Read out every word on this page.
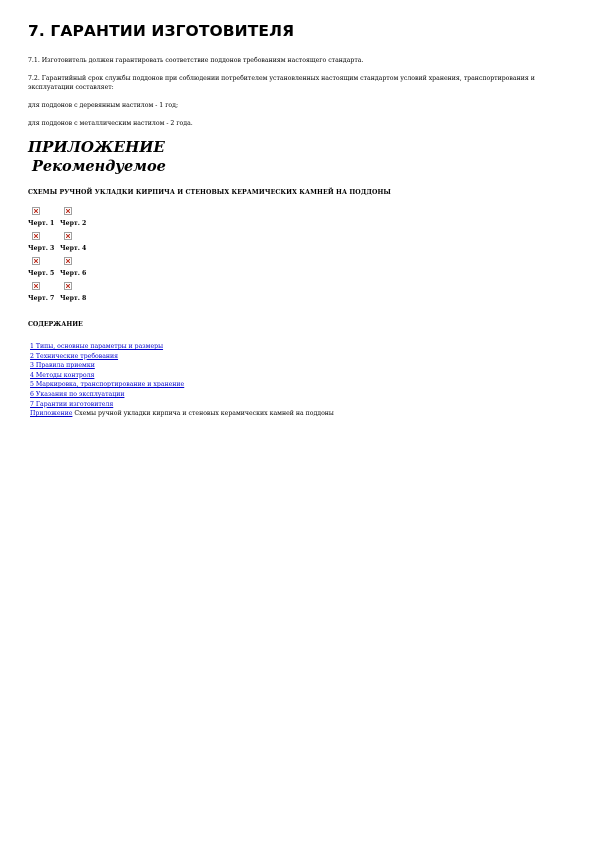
7. ГАРАНТИИ ИЗГОТОВИТЕЛЯ

7.1. Изготовитель должен гарантировать соответствие поддонов требованиям настоящего стандарта.

7.2. Гарантийный срок службы поддонов при соблюдении потребителем установленных настоящим стандартом условий хранения, транспортирования и эксплуатации составляет:

для поддонов с деревянным настилом - 1 год;

для поддонов с металлическим настилом - 2 года.

ПРИЛОЖЕНИЕ
Рекомендуемое
СХЕМЫ РУЧНОЙ УКЛАДКИ КИРПИЧА И СТЕНОВЫХ КЕРАМИЧЕСКИХ КАМНЕЙ НА ПОДДОНЫ
Черт. 1 Черт. 2
Черт. 3 Черт. 4
Черт. 5 Черт. 6
Черт. 7 Черт. 8
СОДЕРЖАНИЕ
1 Типы, основные параметры и размеры
2 Технические требования
3 Правила приемки
4 Методы контроля
5 Маркировка, транспортирование и хранение
6 Указания по эксплуатации
7 Гарантии изготовителя
Приложение Схемы ручной укладки кирпича и стеновых керамических камней на поддоны
